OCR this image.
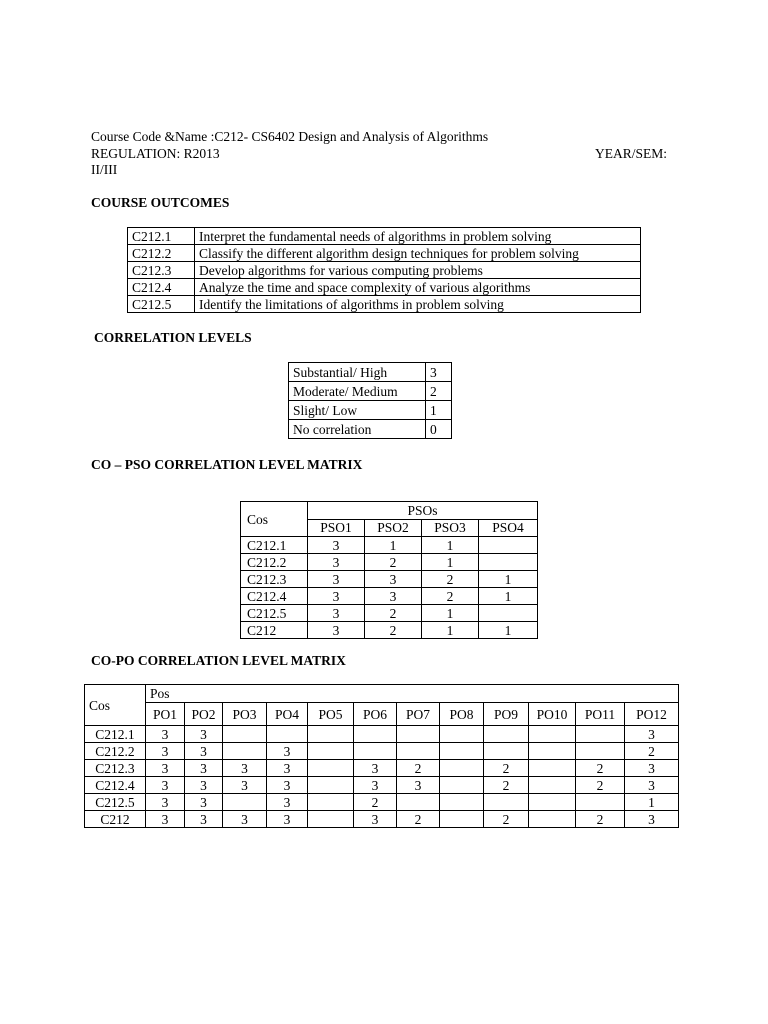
Course Code &Name :C212- CS6402 Design and Analysis of Algorithms
REGULATION: R2013	YEAR/SEM:
II/III
COURSE OUTCOMES
C212.1	Interpret the fundamental needs of algorithms in problem solving
C212.2	Classify the different algorithm design techniques for problem solving
C212.3	Develop algorithms for various computing problems
C212.4	Analyze the time and space complexity of various algorithms
C212.5	Identify the limitations of algorithms in problem solving
CORRELATION LEVELS
Substantial/ High	3
Moderate/ Medium	2
Slight/ Low	1
No correlation	0
CO – PSO CORRELATION LEVEL MATRIX
Cos	PSOs			
	PSO1	PSO2	PSO3	PSO4
C212.1	3	1	1	
C212.2	3	2	1	
C212.3	3	3	2	1
C212.4	3	3	2	1
C212.5	3	2	1	
C212	3	2	1	1
CO-PO CORRELATION LEVEL MATRIX
Cos	Pos											
	PO1	PO2	PO3	PO4	PO5	PO6	PO7	PO8	PO9	PO10	PO11	PO12
C212.1	3	3										3
C212.2	3	3		3								2
C212.3	3	3	3	3		3	2		2		2	3
C212.4	3	3	3	3		3	3		2		2	3
C212.5	3	3		3		2						1
C212	3	3	3	3		3	2		2		2	3
